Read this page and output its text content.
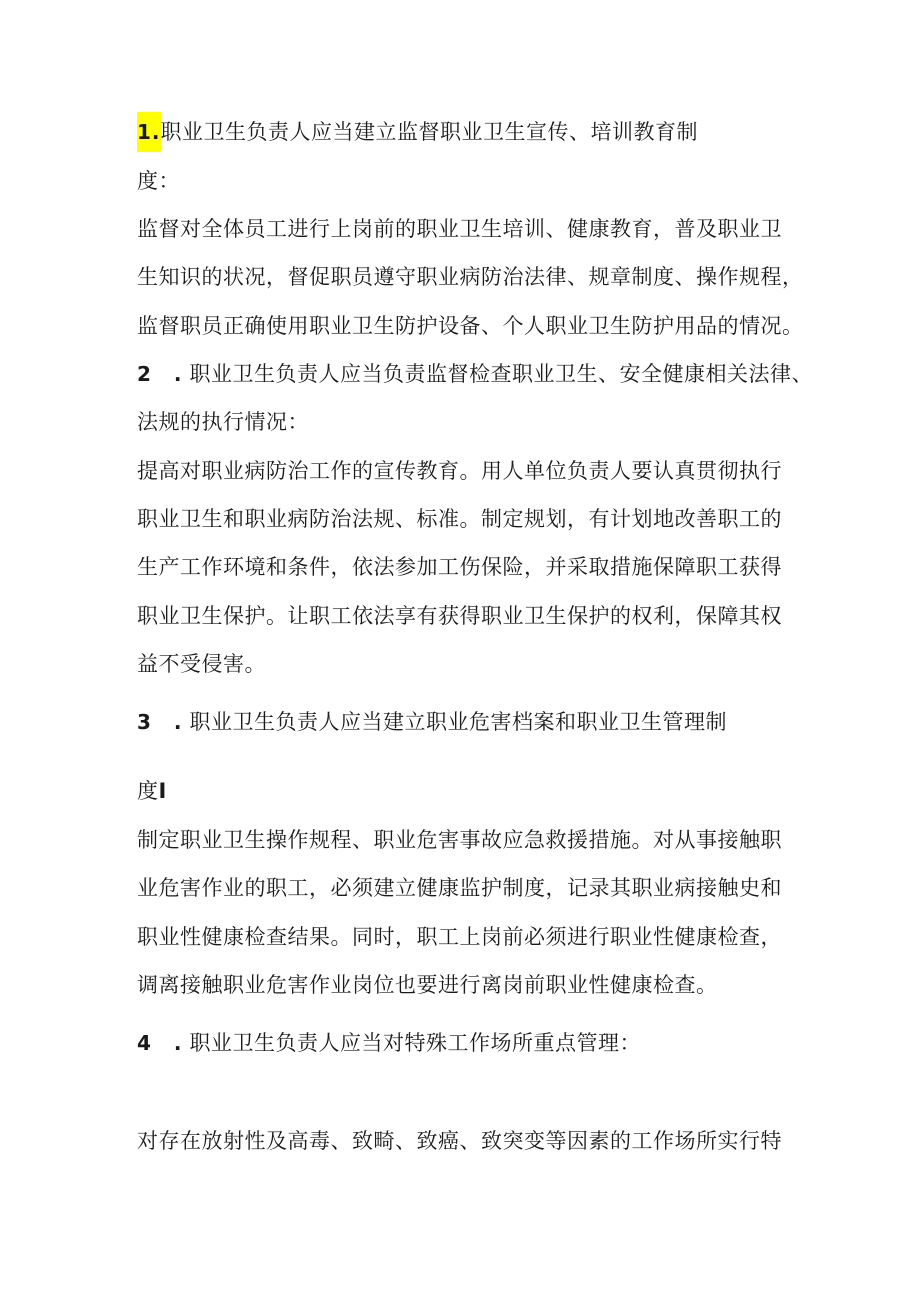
1.职业卫生负责人应当建立监督职业卫生宣传、培训教育制
度：
监督对全体员工进行上岗前的职业卫生培训、健康教育，普及职业卫
生知识的状况，督促职员遵守职业病防治法律、规章制度、操作规程，
监督职员正确使用职业卫生防护设备、个人职业卫生防护用品的情况。
2 .职业卫生负责人应当负责监督检查职业卫生、安全健康相关法律、
法规的执行情况：
提高对职业病防治工作的宣传教育。用人单位负责人要认真贯彻执行
职业卫生和职业病防治法规、标准。制定规划，有计划地改善职工的
生产工作环境和条件，依法参加工伤保险，并采取措施保障职工获得
职业卫生保护。让职工依法享有获得职业卫生保护的权利，保障其权
益不受侵害。
3 .职业卫生负责人应当建立职业危害档案和职业卫生管理制
度I
制定职业卫生操作规程、职业危害事故应急救援措施。对从事接触职
业危害作业的职工，必须建立健康监护制度，记录其职业病接触史和
职业性健康检查结果。同时，职工上岗前必须进行职业性健康检查，
调离接触职业危害作业岗位也要进行离岗前职业性健康检查。
4 .职业卫生负责人应当对特殊工作场所重点管理：
对存在放射性及高毒、致畸、致癌、致突变等因素的工作场所实行特
